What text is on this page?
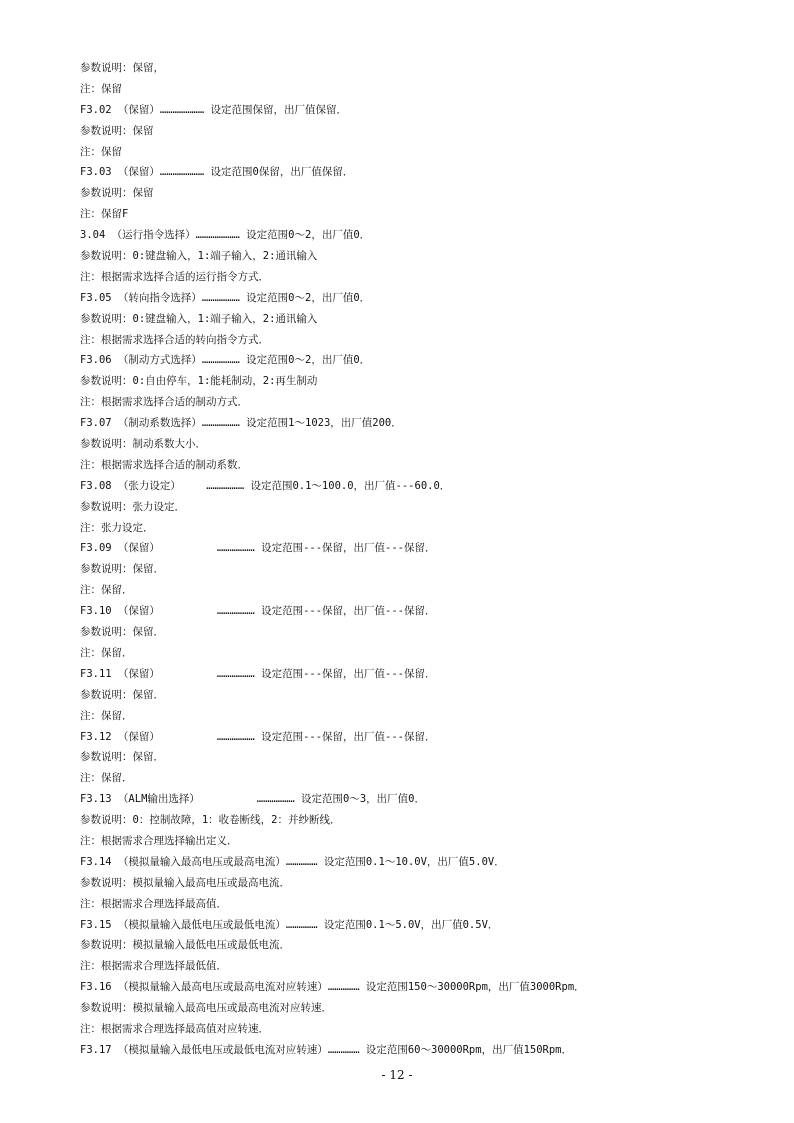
参数说明：保留，
注：保留
F3.02 （保留）………………… 设定范围保留，出厂值保留．
参数说明：保留
注：保留
F3.03 （保留）………………… 设定范围0保留，出厂值保留．
参数说明：保留
注：保留F
3.04 （运行指令选择）………………… 设定范围0～2，出厂值0．
参数说明：0:键盘输入，1:端子输入，2:通讯输入
注：根据需求选择合适的运行指令方式．
F3.05 （转向指令选择）……………… 设定范围0～2，出厂值0．
参数说明：0:键盘输入，1:端子输入，2:通讯输入
注：根据需求选择合适的转向指令方式．
F3.06 （制动方式选择）……………… 设定范围0～2，出厂值0．
参数说明：0:自由停车，1:能耗制动，2:再生制动
注：根据需求选择合适的制动方式．
F3.07 （制动系数选择）……………… 设定范围1～1023，出厂值200．
参数说明：制动系数大小．
注：根据需求选择合适的制动系数．
F3.08 （张力设定）    ……………… 设定范围0.1～100.0，出厂值---60.0．
参数说明：张力设定．
注：张力设定．
F3.09 （保留）         ……………… 设定范围---保留，出厂值---保留．
参数说明：保留．
注：保留．
F3.10 （保留）         ……………… 设定范围---保留，出厂值---保留．
参数说明：保留．
注：保留．
F3.11 （保留）         ……………… 设定范围---保留，出厂值---保留．
参数说明：保留．
注：保留．
F3.12 （保留）         ……………… 设定范围---保留，出厂值---保留．
参数说明：保留．
注：保留．
F3.13 （ALM输出选择）         ……………… 设定范围0～3，出厂值0．
参数说明：0：控制故障，1：收卷断线，2：并纱断线．
注：根据需求合理选择输出定义．
F3.14 （模拟量输入最高电压或最高电流）…………… 设定范围0.1～10.0V，出厂值5.0V．
参数说明：模拟量输入最高电压或最高电流．
注：根据需求合理选择最高值．
F3.15 （模拟量输入最低电压或最低电流）…………… 设定范围0.1～5.0V，出厂值0.5V．
参数说明：模拟量输入最低电压或最低电流．
注：根据需求合理选择最低值．
F3.16 （模拟量输入最高电压或最高电流对应转速）…………… 设定范围150～30000Rpm，出厂值3000Rpm．
参数说明：模拟量输入最高电压或最高电流对应转速．
注：根据需求合理选择最高值对应转速．
F3.17 （模拟量输入最低电压或最低电流对应转速）…………… 设定范围60～30000Rpm，出厂值150Rpm．
- 12 -
